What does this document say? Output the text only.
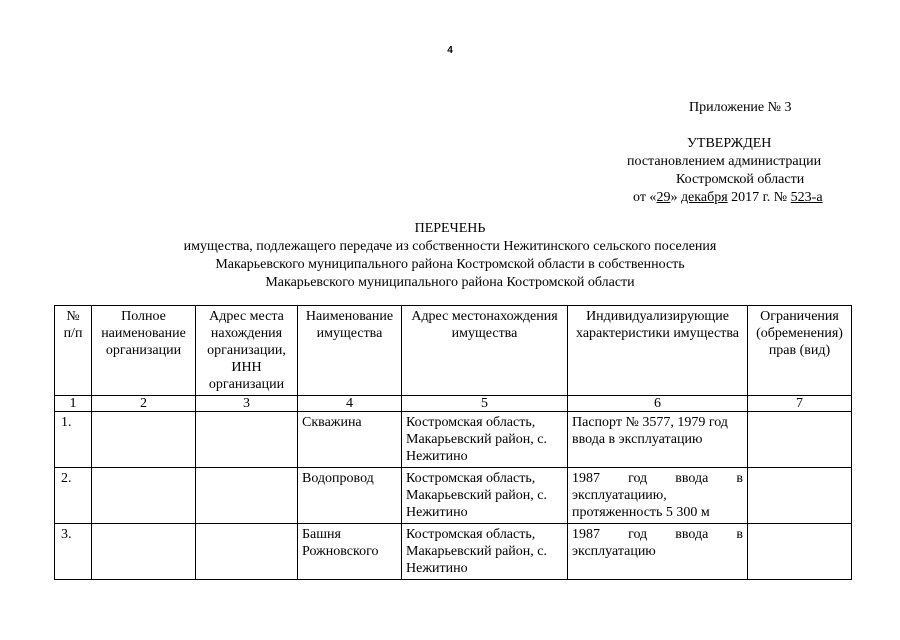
4
Приложение № 3
УТВЕРЖДЕН
постановлением администрации
Костромской области
от «29» декабря 2017 г. № 523-а
ПЕРЕЧЕНЬ
имущества, подлежащего передаче из собственности Нежитинского сельского поселения
Макарьевского муниципального района Костромской области в собственность
Макарьевского муниципального района Костромской области
№ п/п	Полное наименование организации	Адрес места нахождения организации, ИНН организации	Наименование имущества	Адрес местонахождения имущества	Индивидуализирующие характеристики имущества	Ограничения (обременения) прав (вид)
1	2	3	4	5	6	7
1.			Скважина	Костромская область, Макарьевский район, с. Нежитино	Паспорт № 3577, 1979 год ввода в эксплуатацию	
2.			Водопровод	Костромская область, Макарьевский район, с. Нежитино	1987 год ввода в
эксплуатациию, протяженность 5 300 м	

3.			Башня Рожновского	Костромская область, Макарьевский район, с. Нежитино	1987 год ввода в
эксплуатацию	
